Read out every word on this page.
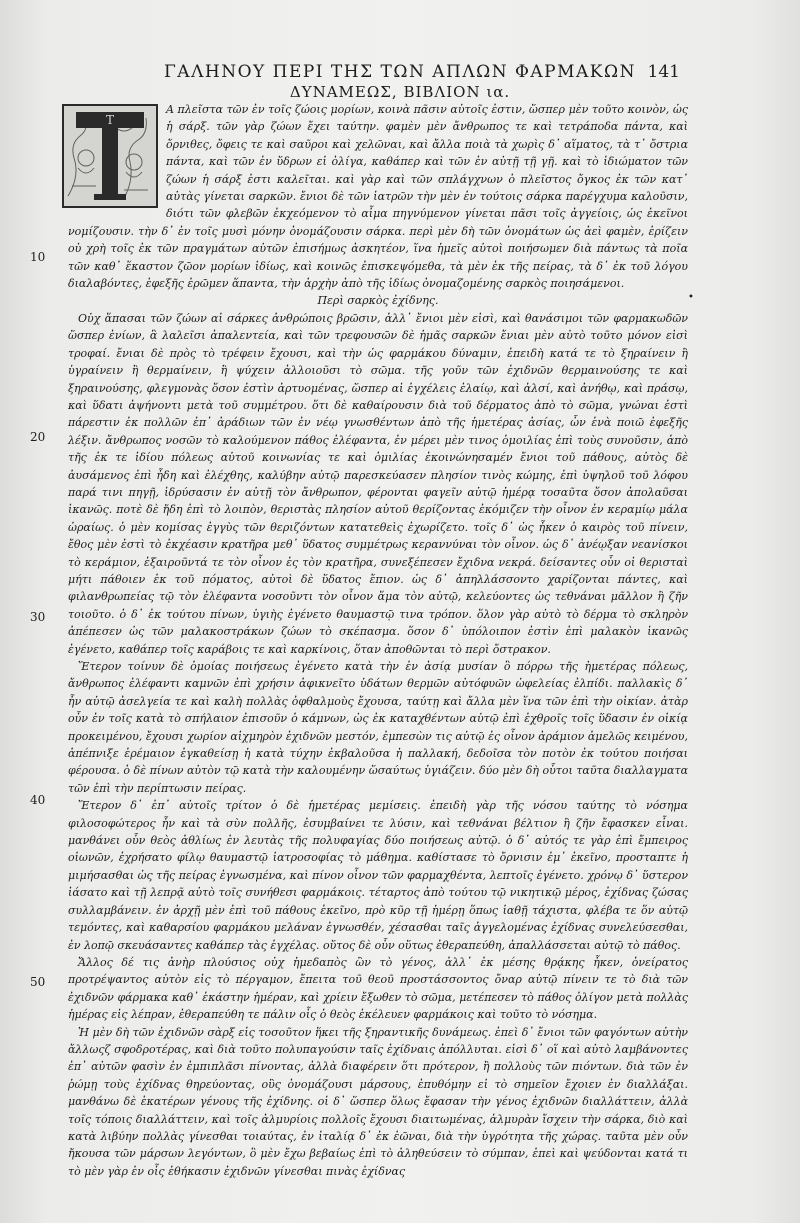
ΓΑΛΗΝΟΥ ΠΕΡΙ ΤΗΣ ΤΩΝ ΑΠΛΩΝ ΦΑΡΜΑΚΩΝ
ΔΥΝΑΜΕΩΣ, ΒΙΒΛΙΟΝ ια.
141
T

Α πλεῖστα τῶν ἐν τοῖς ζώοις μορίων, κοινὰ πᾶσιν αὐτοῖς ἐστιν, ὥσπερ μὲν τοῦτο κοινὸν, ὡς ἡ σάρξ. τῶν γὰρ ζώων ἔχει ταύτην. φαμὲν μὲν ἄνθρωπος τε καὶ τετράποδα πάντα, καὶ ὄρνιθες, ὄφεις τε καὶ σαῦροι καὶ χελῶναι, καὶ ἄλλα ποιὰ τὰ χωρὶς δ᾽ αἵματος, τὰ τ᾽ ὄστρια πάντα, καὶ τῶν ἐν ὕδρων εἰ ὀλίγα, καθάπερ καὶ τῶν ἐν αὐτῇ τῇ γῇ. καὶ τὸ ἰδιώματον τῶν ζώων ἡ σάρξ ἐστι καλεῖται. καὶ γὰρ καὶ τῶν σπλάγχνων ὁ πλεῖστος ὄγκος ἐκ τῶν κατ᾽ αὐτὰς γίνεται σαρκῶν. ἔνιοι δὲ τῶν ἰατρῶν τὴν μὲν ἐν τούτοις σάρκα παρέγχυμα καλοῦσιν, διότι τῶν φλεβῶν ἐκχεόμενον τὸ αἷμα πηγνύμενον γίνεται πᾶσι τοῖς ἀγγείοις, ὡς ἐκεῖνοι νομίζουσιν. τὴν δ᾽ ἐν τοῖς μυσὶ μόνην ὀνομάζουσιν σάρκα. περὶ μὲν δὴ τῶν ὀνομάτων ὡς ἀεὶ φαμὲν, ἐρίζειν οὐ χρὴ τοῖς ἐκ τῶν πραγμάτων αὐτῶν ἐπισήμως ἀσκητέον, ἵνα ἡμεῖς αὐτοὶ ποιήσωμεν διὰ πάντως τὰ ποῖα τῶν καθ᾽ ἕκαστον ζῶον μορίων ἰδίως, καὶ κοινῶς ἐπισκεψόμεθα, τὰ μὲν ἐκ τῆς πείρας, τὰ δ᾽ ἐκ τοῦ λόγου διαλαβόντες, ἐφεξῆς ἐρῶμεν ἅπαντα, τὴν ἀρχὴν ἀπὸ τῆς ἰδίως ὀνομαζομένης σαρκὸς ποιησάμενοι.

Περὶ σαρκὸς ἐχίδνης.

Οὐχ ἅπασαι τῶν ζώων αἱ σάρκες ἀνθρώποις βρῶσιν, ἀλλ᾽ ἔνιοι μὲν εἰσὶ, καὶ θανάσιμοι τῶν φαρμακωδῶν ὥσπερ ἐνίων, ἃ λαλεῖσι ἀπαλεντεία, καὶ τῶν τρεφουσῶν δὲ ἡμᾶς σαρκῶν ἔνιαι μὲν αὐτὸ τοῦτο μόνον εἰσὶ τροφαί. ἔνιαι δὲ πρὸς τὸ τρέφειν ἔχουσι, καὶ τὴν ὡς φαρμάκου δύναμιν, ἐπειδὴ κατά τε τὸ ξηραίνειν ἢ ὑγραίνειν ἢ θερμαίνειν, ἢ ψύχειν ἀλλοιοῦσι τὸ σῶμα. τῆς γοῦν τῶν ἐχιδνῶν θερμαινούσης τε καὶ ξηραινούσης, φλεγμονὰς ὅσον ἐστὶν ἀρτυομένας, ὥσπερ αἱ ἐγχέλεις ἐλαίῳ, καὶ ἁλσί, καὶ ἀνήθῳ, καὶ πράσῳ, καὶ ὕδατι ἀψήνοντι μετὰ τοῦ συμμέτρου. ὅτι δὲ καθαίρουσιν διὰ τοῦ δέρματος ἀπὸ τὸ σῶμα, γνώναι ἐστὶ πάρεστιν ἐκ πολλῶν ἐπ᾽ ἀράδιων τῶν ἐν νέῳ γνωσθέντων ἀπὸ τῆς ἡμετέρας ἀσίας, ὧν ἑνὰ ποιῶ ἐφεξῆς λέξιν. ἄνθρωπος νοσῶν τὸ καλούμενον πάθος ἐλέφαντα, ἐν μέρει μὲν τινος ὁμοιλίας ἐπὶ τοὺς συνοῦσιν, ἀπὸ τῆς ἐκ τε ἰδίου πόλεως αὐτοῦ κοινωνίας τε καὶ ὁμιλίας ἐκοινώνησαμέν ἔνιοι τοῦ πάθους, αὐτὸς δὲ ἀυσάμενος ἐπὶ ἦδη καὶ ἐλέχθης, καλύβην αὐτῷ παρεσκεύασεν πλησίον τινὸς κώμης, ἐπὶ ὑψηλοῦ τοῦ λόφου παρά τινι πηγῇ, ἱδρύσασιν ἐν αὐτῇ τὸν ἄνθρωπον, φέρονται φαγεῖν αὐτῷ ἡμέρᾳ τοσαῦτα ὅσον ἀπολαῦσαι ἱκανῶς. ποτὲ δὲ ἤδη ἐπὶ τὸ λοιπὸν, θεριστὰς πλησίον αὐτοῦ θερίζοντας ἐκόμιζεν τὴν οἶνον ἐν κεραμίῳ μάλα ὡραίως. ὁ μὲν κομίσας ἐγγὺς τῶν θεριζόντων κατατεθεὶς ἐχωρίζετο. τοῖς δ᾽ ὡς ἦκεν ὁ καιρὸς τοῦ πίνειν, ἔθος μὲν ἐστὶ τὸ ἐκχέασιν κρατῆρα μεθ᾽ ὕδατος συμμέτρως κεραννύναι τὸν οἶνον. ὡς δ᾽ ἀνέῳξαν νεανίσκοι τὸ κεράμιον, ἐξαιροῦντά τε τὸν οἶνον ἐς τὸν κρατῆρα, συνεξέπεσεν ἔχιδνα νεκρά. δείσαντες οὖν οἱ θερισταὶ μήτι πάθοιεν ἐκ τοῦ πόματος, αὐτοὶ δὲ ὕδατος ἔπιον. ὡς δ᾽ ἀπηλλάσσοντο χαρίζονται πάντες, καὶ φιλανθρωπείας τῷ τὸν ἐλέφαντα νοσοῦντι τὸν οἶνον ἅμα τὸν αὐτῷ, κελεύοντες ὡς τεθνάναι μᾶλλον ἢ ζῆν τοιοῦτο. ὁ δ᾽ ἐκ τούτου πίνων, ὑγιὴς ἐγένετο θαυμαστῷ τινα τρόπον. ὅλον γὰρ αὐτὸ τὸ δέρμα τὸ σκληρὸν ἀπέπεσεν ὡς τῶν μαλακοστράκων ζώων τὸ σκέπασμα. ὅσον δ᾽ ὑπόλοιπον ἐστὶν ἐπὶ μαλακὸν ἱκανῶς ἐγένετο, καθάπερ τοῖς καράβοις τε καὶ καρκίνοις, ὅταν ἀποθῶνται τὸ περὶ ὄστρακον.

Ἕτερον τοίνυν δὲ ὁμοίας ποιήσεως ἐγένετο κατὰ τὴν ἐν ἀσίᾳ μυσίαν ὃ πόρρω τῆς ἡμετέρας πόλεως, ἄνθρωπος ἐλέφαντι καμνῶν ἐπὶ χρήσιν ἀφικνεῖτο ὑδάτων θερμῶν αὐτόφυῶν ὠφελείας ἐλπίδι. παλλακὶς δ᾽ ἦν αὐτῷ ἀσελγεία τε καὶ καλὴ πολλὰς ὀφθαλμοὺς ἔχουσα, ταύτῃ καὶ ἄλλα μὲν ἵνα τῶν ἐπὶ τὴν οἰκίαν. ἀτὰρ οὖν ἐν τοῖς κατὰ τὸ σπήλαιον ἐπισοῦν ὁ κάμνων, ὡς ἐκ καταχθέντων αὐτῷ ἐπὶ ἐχθροῖς τοῖς ὕδασιν ἐν οἰκίᾳ προκειμένου, ἔχουσι χωρίον αἰχμηρὸν ἐχιδνῶν μεστόν, ἐμπεσὼν τις αὐτῷ ἐς οἶνον ἀράμιον ἀμελῶς κειμένου, ἀπέπνιξε ἐρέμαιον ἐγκαθείσῃ ἡ κατὰ τύχην ἐκβαλοῦσα ἡ παλλακή, δεδοῖσα τὸν ποτὸν ἐκ τούτου ποιήσαι φέρουσα. ὁ δὲ πίνων αὐτὸν τῷ κατὰ τὴν καλουμένην ὥσαύτως ὑγιάζειν. δύο μὲν δὴ οὗτοι ταῦτα διαλλαγματα τῶν ἐπὶ τὴν περίπτωσιν πείρας.

Ἕτερον δ᾽ ἐπ᾽ αὐτοῖς τρίτον ὁ δὲ ἡμετέρας μεμίσεις. ἐπειδὴ γὰρ τῆς νόσου ταύτης τὸ νόσημα φιλοσοφώτερος ἦν καὶ τὰ σὺν πολλῆς, ἐσυμβαίνει τε λύσιν, καὶ τεθνάναι βέλτιον ἢ ζῆν ἔφασκεν εἶναι. μανθάνει οὖν θεὸς ἀθλίως ἐν λευτὰς τῆς πολυφαγίας δύο ποιήσεως αὐτῷ. ὁ δ᾽ αὐτός τε γὰρ ἐπὶ ἔμπειρος οἰωνῶν, ἐχρήσατο φίλῳ θαυμαστῷ ἰατροσοφίας τὸ μάθημα. καθίστασε τὸ ὄρνισιν ἐμ᾽ ἐκεῖνο, προσταπτε ἡ μιμήσασθαι ὡς τῆς πείρας ἐγνωσμένα, καὶ πίνον οἶνον τῶν φαρμαχθέντα, λεπτοῖς ἐγένετο. χρόνῳ δ᾽ ὕστερον ἰάσατο καὶ τῇ λεπρᾷ αὐτὸ τοῖς συνήθεσι φαρμάκοις. τέταρτος ἀπὸ τούτου τῷ νικητικῷ μέρος, ἐχίδνας ζώσας συλλαμβάνειν. ἐν ἀρχῇ μὲν ἐπὶ τοῦ πάθους ἐκεῖνο, πρὸ κῦρ τῇ ἡμέρῃ ὅπως ἰαθῇ τάχιστα, φλέβα τε ὅν αὐτῷ τεμόντες, καὶ καθαρσίου φαρμάκου μελάναν ἐγνωσθέν, χέσασθαι ταῖς ἀγγελομένας ἐχίδνας συνελεύσεσθαι, ἐν λοπῷ σκευάσαντες καθάπερ τὰς ἐγχέλας. οὕτος δὲ οὖν οὕτως ἐθεραπεύθη, ἀπαλλάσσεται αὐτῷ τὸ πάθος.

Ἄλλος δέ τις ἀνὴρ πλούσιος οὐχ ἡμεδαπὸς ὢν τὸ γένος, ἀλλ᾽ ἐκ μέσης θρᾴκης ἧκεν, ὀνείρατος προτρέψαντος αὐτὸν εἰς τὸ πέργαμον, ἔπειτα τοῦ θεοῦ προστάσσοντος ὄναρ αὐτῷ πίνειν τε τὸ διὰ τῶν ἐχιδνῶν φάρμακα καθ᾽ ἑκάστην ἡμέραν, καὶ χρίειν ἔξωθεν τὸ σῶμα, μετέπεσεν τὸ πάθος ὀλίγον μετὰ πολλὰς ἡμέρας εἰς λέπραν, ἐθεραπεύθη τε πάλιν οἷς ὁ θεὸς ἐκέλευεν φαρμάκοις καὶ τοῦτο τὸ νόσημα.

Ἡ μὲν δὴ τῶν ἐχιδνῶν σὰρξ εἰς τοσοῦτον ἥκει τῆς ξηραντικῆς δυνάμεως. ἐπεὶ δ᾽ ἔνιοι τῶν φαγόντων αὐτὴν ἄλλωςζ σφοδροτέρας, καὶ διὰ τοῦτο πολυπαγούσιν ταῖς ἐχίδναις ἀπόλλυται. εἰσὶ δ᾽ οἵ καὶ αὐτὸ λαμβάνοντες ἐπ᾽ αὐτῶν φασὶν ἐν ἐμπιπλᾶσι πίνοντας, ἀλλὰ διαφέρειν ὅτι πρότερον, ἢ πολλοὺς τῶν πιόντων. διὰ τῶν ἐν ῥώμῃ τοὺς ἐχίδνας θηρεύοντας, οὓς ὀνομάζουσι μάρσους, ἐπυθόμην εἰ τὸ σημεῖον ἔχοιεν ἐν διαλλάξαι. μανθάνω δὲ ἑκατέρων γένους τῆς ἐχίδνης. οἱ δ᾽ ὥσπερ ὅλως ἔφασαν τὴν γένος ἐχιδνῶν διαλλάττειν, ἀλλὰ τοῖς τόποις διαλλάττειν, καὶ τοῖς ἀλμυρίοις πολλοῖς ἔχουσι διαιτωμένας, ἁλμυρὰν ἴσχειν τὴν σάρκα, διὸ καὶ κατὰ λιβύην πολλὰς γίνεσθαι τοιαύτας, ἐν ἰταλίᾳ δ᾽ ἐκ ἐῶναι, διὰ τὴν ὑγρότητα τῆς χώρας. ταῦτα μὲν οὖν ἤκουσα τῶν μάρσων λεγόντων, ὃ μὲν ἔχω βεβαίως ἐπὶ τὸ ἀληθεύσειν τὸ σύμπαν, ἐπεὶ καὶ ψεύδονται κατά τι τὸ μὲν γὰρ ἐν οἷς ἐθήκασιν ἐχιδνῶν γίνεσθαι πινὰς ἐχίδνας

10
20
30
40
50
•
